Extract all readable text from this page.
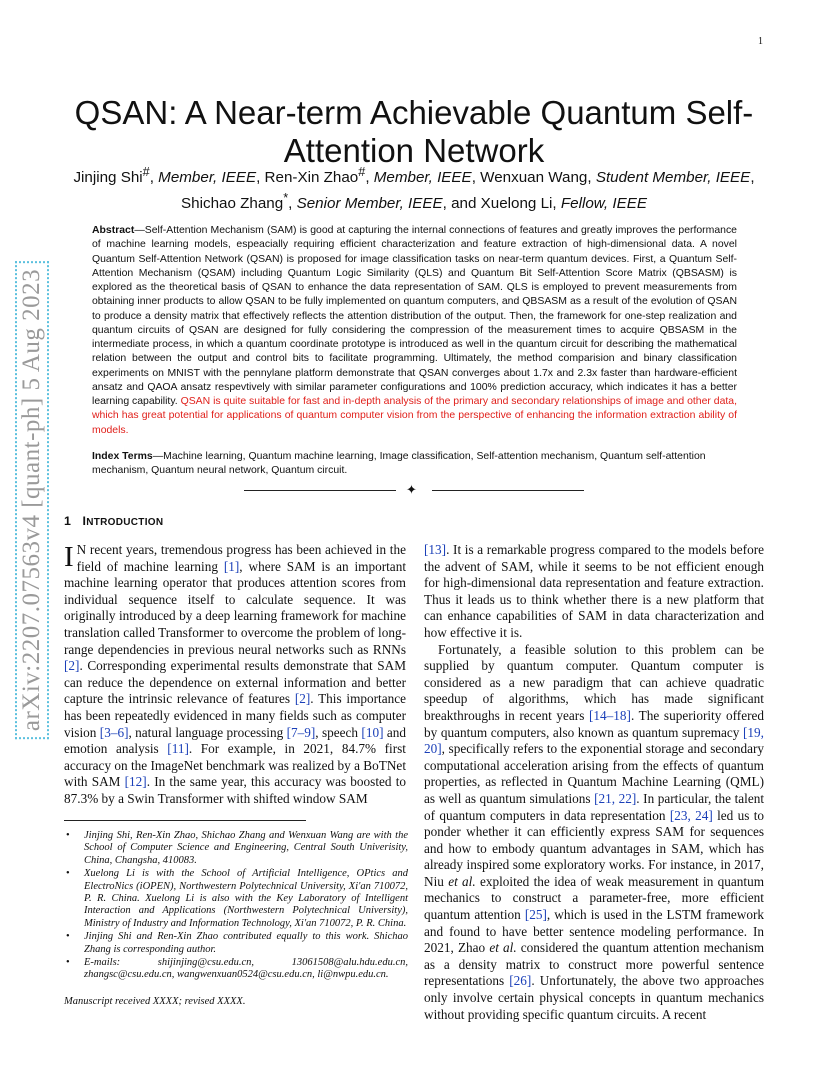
1
arXiv:2207.07563v4 [quant-ph] 5 Aug 2023
QSAN: A Near-term Achievable Quantum Self-Attention Network
Jinjing Shi#, Member, IEEE, Ren-Xin Zhao#, Member, IEEE, Wenxuan Wang, Student Member, IEEE,
Shichao Zhang*, Senior Member, IEEE, and Xuelong Li, Fellow, IEEE
Abstract—Self-Attention Mechanism (SAM) is good at capturing the internal connections of features and greatly improves the performance of machine learning models, espeacially requiring efficient characterization and feature extraction of high-dimensional data. A novel Quantum Self-Attention Network (QSAN) is proposed for image classification tasks on near-term quantum devices. First, a Quantum Self-Attention Mechanism (QSAM) including Quantum Logic Similarity (QLS) and Quantum Bit Self-Attention Score Matrix (QBSASM) is explored as the theoretical basis of QSAN to enhance the data representation of SAM. QLS is employed to prevent measurements from obtaining inner products to allow QSAN to be fully implemented on quantum computers, and QBSASM as a result of the evolution of QSAN to produce a density matrix that effectively reflects the attention distribution of the output. Then, the framework for one-step realization and quantum circuits of QSAN are designed for fully considering the compression of the measurement times to acquire QBSASM in the intermediate process, in which a quantum coordinate prototype is introduced as well in the quantum circuit for describing the mathematical relation between the output and control bits to facilitate programming. Ultimately, the method comparision and binary classification experiments on MNIST with the pennylane platform demonstrate that QSAN converges about 1.7x and 2.3x faster than hardware-efficient ansatz and QAOA ansatz respevtively with similar parameter configurations and 100% prediction accuracy, which indicates it has a better learning capability. QSAN is quite suitable for fast and in-depth analysis of the primary and secondary relationships of image and other data, which has great potential for applications of quantum computer vision from the perspective of enhancing the information extraction ability of models.
Index Terms—Machine learning, Quantum machine learning, Image classification, Self-attention mechanism, Quantum self-attention mechanism, Quantum neural network, Quantum circuit.
✦
1 INTRODUCTION

I N recent years, tremendous progress has been achieved in the field of machine learning [1], where SAM is an important machine learning operator that produces attention scores from individual sequence itself to calculate sequence. It was originally introduced by a deep learning framework for machine translation called Transformer to overcome the problem of long-range dependencies in previous neural networks such as RNNs [2]. Corresponding experimental results demonstrate that SAM can reduce the dependence on external information and better capture the intrinsic relevance of features [2]. This importance has been repeatedly evidenced in many fields such as computer vision [3–6], natural language processing [7–9], speech [10] and emotion analysis [11]. For example, in 2021, 84.7% first accuracy on the ImageNet benchmark was realized by a BoTNet with SAM [12]. In the same year, this accuracy was boosted to 87.3% by a Swin Transformer with shifted window SAM

• Jinjing Shi, Ren-Xin Zhao, Shichao Zhang and Wenxuan Wang are with the School of Computer Science and Engineering, Central South Univerisity, China, Changsha, 410083.
• Xuelong Li is with the School of Artificial Intelligence, OPtics and ElectroNics (iOPEN), Northwestern Polytechnical University, Xi'an 710072, P. R. China. Xuelong Li is also with the Key Laboratory of Intelligent Interaction and Applications (Northwestern Polytechnical University), Ministry of Industry and Information Technology, Xi'an 710072, P. R. China.
• Jinjing Shi and Ren-Xin Zhao contributed equally to this work. Shichao Zhang is corresponding author.
• E-mails: shijinjing@csu.edu.cn, 13061508@alu.hdu.edu.cn, zhangsc@csu.edu.cn, wangwenxuan0524@csu.edu.cn, li@nwpu.edu.cn.
Manuscript received XXXX; revised XXXX.

[13]. It is a remarkable progress compared to the models before the advent of SAM, while it seems to be not efficient enough for high-dimensional data representation and feature extraction. Thus it leads us to think whether there is a new platform that can enhance capabilities of SAM in data characterization and how effective it is.

Fortunately, a feasible solution to this problem can be supplied by quantum computer. Quantum computer is considered as a new paradigm that can achieve quadratic speedup of algorithms, which has made significant breakthroughs in recent years [14–18]. The superiority offered by quantum computers, also known as quantum supremacy [19, 20], specifically refers to the exponential storage and secondary computational acceleration arising from the effects of quantum properties, as reflected in Quantum Machine Learning (QML) as well as quantum simulations [21, 22]. In particular, the talent of quantum computers in data representation [23, 24] led us to ponder whether it can efficiently express SAM for sequences and how to embody quantum advantages in SAM, which has already inspired some exploratory works. For instance, in 2017, Niu et al. exploited the idea of weak measurement in quantum mechanics to construct a parameter-free, more efficient quantum attention [25], which is used in the LSTM framework and found to have better sentence modeling performance. In 2021, Zhao et al. considered the quantum attention mechanism as a density matrix to construct more powerful sentence representations [26]. Unfortunately, the above two approaches only involve certain physical concepts in quantum mechanics without providing specific quantum circuits. A recent
